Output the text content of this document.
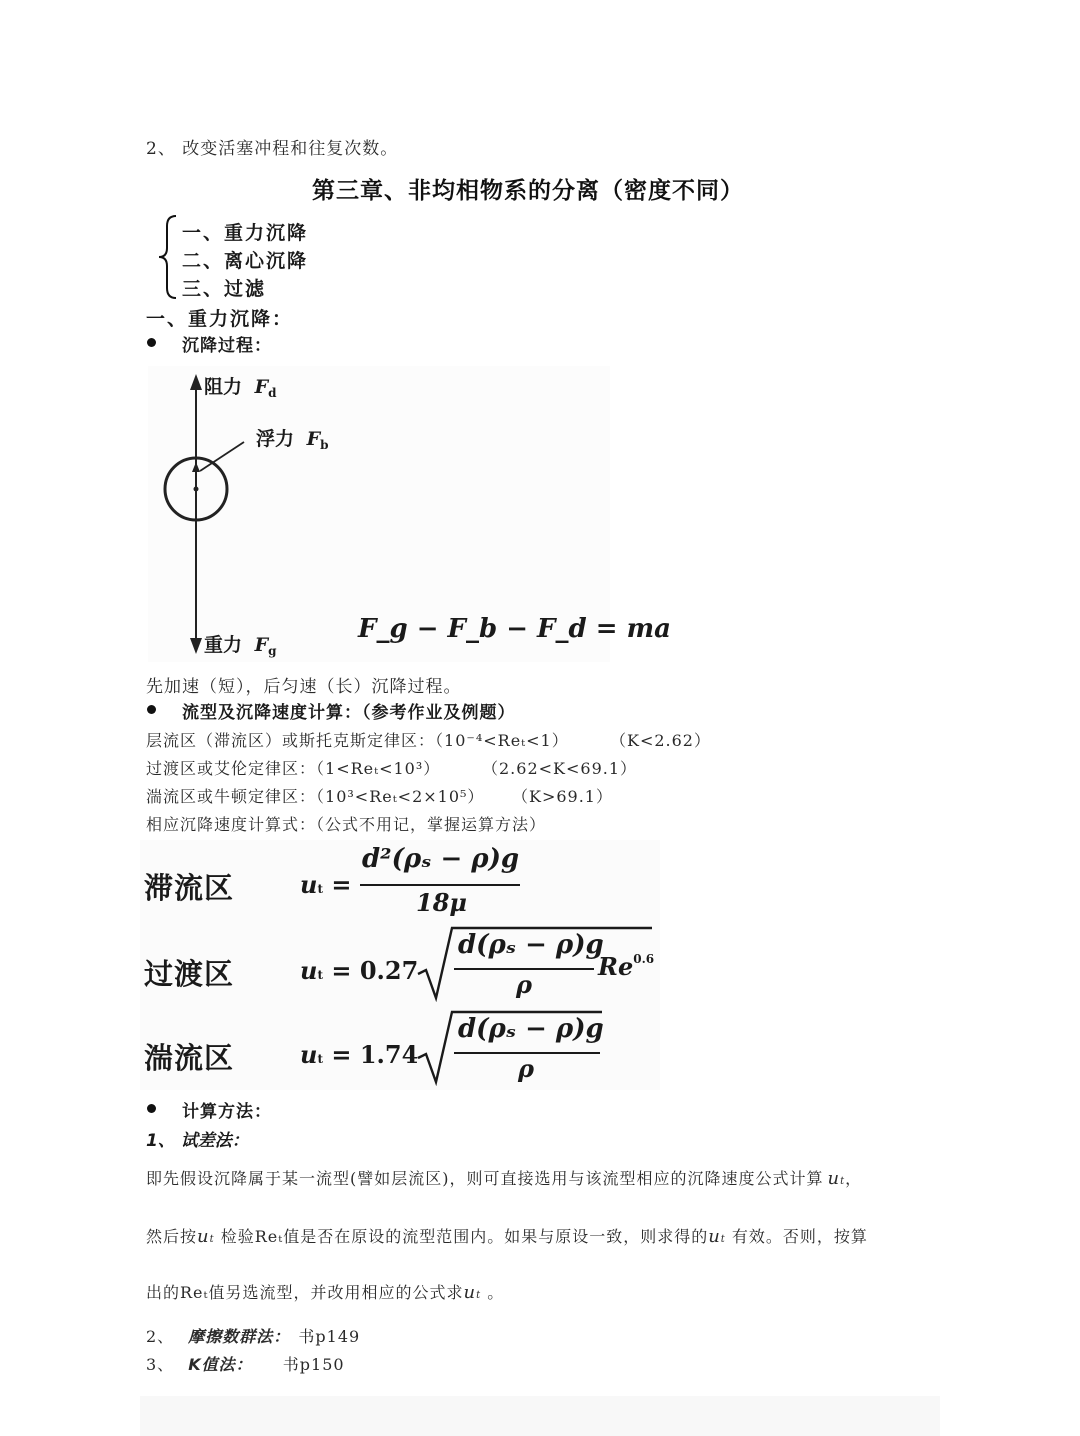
2、 改变活塞冲程和往复次数。
第三章、非均相物系的分离（密度不同）
一、重力沉降
二、离心沉降
三、过滤
一、重力沉降：
沉降过程：
阻力 $F_d$
浮力 $F_b$
重力 $F_g$
F_g − F_b − F_d = ma
先加速（短），后匀速（长）沉降过程。
流型及沉降速度计算：（参考作业及例题）
层流区（滞流区）或斯托克斯定律区：（10⁻⁴<Reₜ<1）	（K<2.62）
过渡区或艾伦定律区：（1<Reₜ<10³）	（2.62<K<69.1）
湍流区或牛顿定律区：（10³<Reₜ<2×10⁵） （K>69.1）
相应沉降速度计算式：（公式不用记，掌握运算方法）
滞流区	ut =
d²(ρₛ − ρ)g
18μ
过渡区	ut = 0.27
d(ρₛ − ρ)g
ρ
$Re^{0.6}$
湍流区	ut = 1.74
d(ρₛ − ρ)g
ρ
计算方法：
1、 试差法：
即先假设沉降属于某一流型(譬如层流区)，则可直接选用与该流型相应的沉降速度公式计算 ut，
然后按ut 检验Reₜ值是否在原设的流型范围内。如果与原设一致，则求得的ut 有效。否则，按算
出的Reₜ值另选流型，并改用相应的公式求ut 。
2、 摩擦数群法： 书p149
3、 K值法： 书p150
